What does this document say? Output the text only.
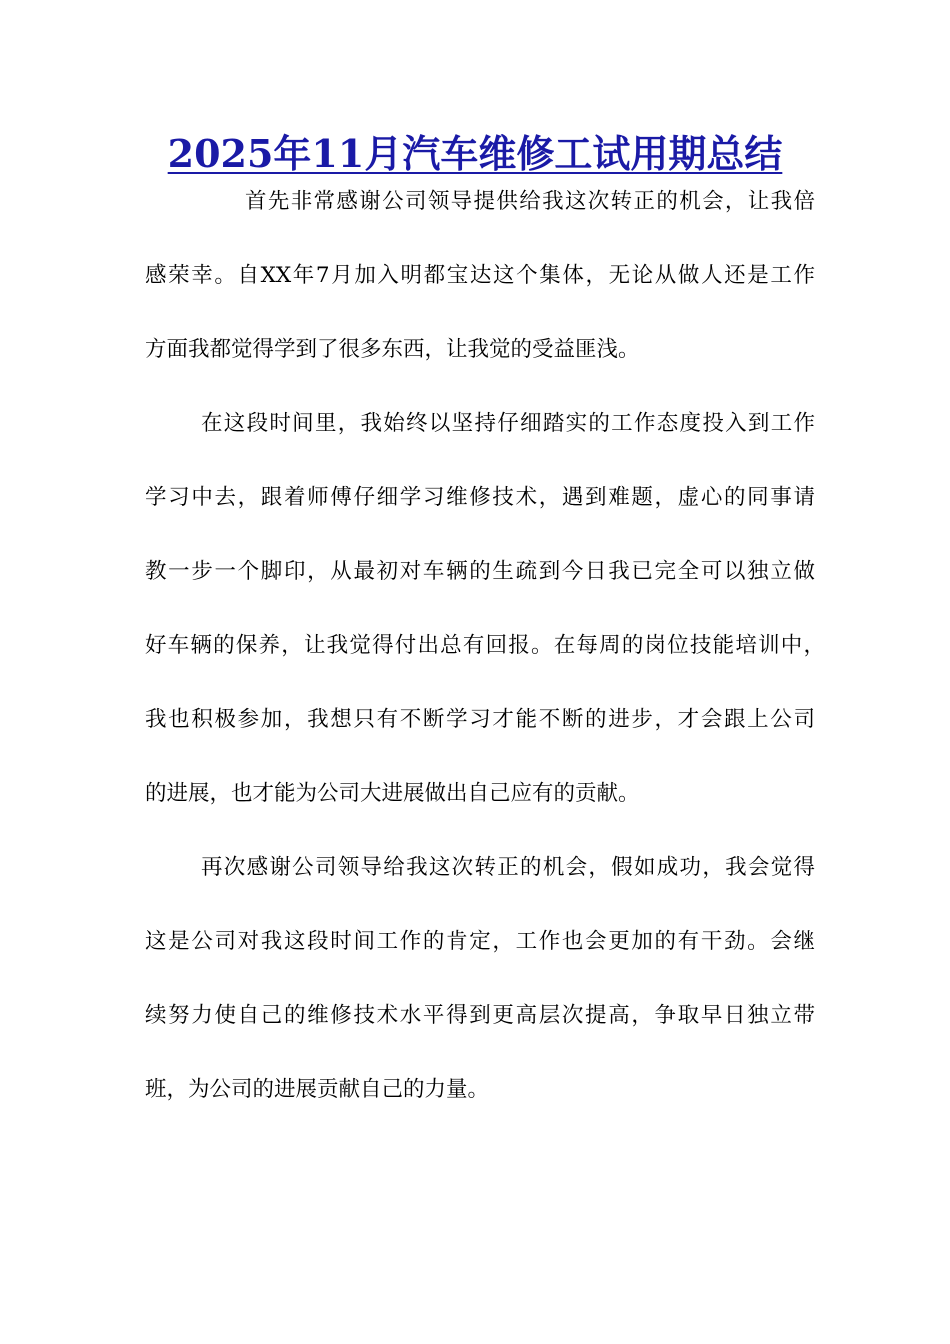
2025年11月汽车维修工试用期总结
首先非常感谢公司领导提供给我这次转正的机会，让我倍
感荣幸。自XX年7月加入明都宝达这个集体，无论从做人还是工作
方面我都觉得学到了很多东西，让我觉的受益匪浅。
在这段时间里，我始终以坚持仔细踏实的工作态度投入到工作
学习中去，跟着师傅仔细学习维修技术，遇到难题，虚心的同事请
教一步一个脚印，从最初对车辆的生疏到今日我已完全可以独立做
好车辆的保养，让我觉得付出总有回报。在每周的岗位技能培训中，
我也积极参加，我想只有不断学习才能不断的进步，才会跟上公司
的进展，也才能为公司大进展做出自己应有的贡献。
再次感谢公司领导给我这次转正的机会，假如成功，我会觉得
这是公司对我这段时间工作的肯定，工作也会更加的有干劲。会继
续努力使自己的维修技术水平得到更高层次提高，争取早日独立带
班，为公司的进展贡献自己的力量。
